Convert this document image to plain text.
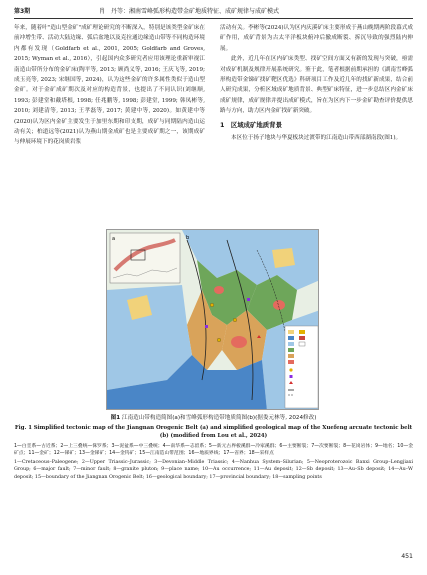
第3期	肖　丹等：湘南雪峰弧形构造带金矿地质特征、成矿规律与成矿模式

年来，随着叶"造山型金矿"成矿理论研究的不断深入，特别是该类型金矿床在前冲增生带、活动大陆边缘、弧后盆地以及克拉通边缘造山带等不同构造环境内都有发现（Goldfarb et al., 2001, 2005; Goldfarb and Groves, 2015; Wyman et al., 2016），引起国内众多研究者应用该理论重新审视江南造山带所分布的金矿床(陶平等, 2013; 顾尚义等, 2016; 王庆飞等, 2019; 成玉亮等, 2023; 宋继国等, 2024)，认为这些金矿的许多属性类似于造山型金矿。对于金矿成矿期次及对应的构造背景，也提出了不同认识(刘继顺, 1993; 彭建堂和戴塔根, 1998; 任兆鹏等, 1998; 彭建堂, 1999; 韩凤彬等, 2010; 刘建清等, 2013; 王孝磊等, 2017; 黄建中等, 2020)。如黄建中等(2020)认为区内金矿主要发生于加里东期和印支期，成矿与同期陆内造山运动有关；柏道远等(2021)认为燕山期金成矿也是主要成矿期之一，该期成矿与伸展环境下的花岗质岩浆

活动有关。李彬等(2024)认为区内庆溪矿床主要形成于燕山晚期两阶段幕式成矿作用，成矿背景为古太平洋板块俯冲后撤成断裂、拆沉导致的强烈陆内伸展。

此外，近几年在区内矿床类型、找矿空间方面又有新的发现与突破，亟需对成矿机制及规律开展系统研究。鉴于此，笔者根据前期承担的《湖南雪峰弧形构造带金锑矿找矿靶区优选》科研项目工作及近几年的找矿新成果，结合前人研究成果，分析区域成矿地质背景、典型矿床特征，进一步总结区内金矿床成矿规律，成矿规律并提出成矿模式，旨在为区内下一步金矿勘查评价提供思路与方向，助力区内金矿找矿新突破。

1　区域成矿地质背景

本区位于扬子地块与华夏板块过渡带的江南造山带西部湖南段(图1)。

a	b
图1 江南造山带构造简图(a)和雪峰弧形构造带地质简图(b)(据娄元林等, 2024修改)
Fig. 1 Simplified tectonic map of the Jiangnan Orogenic Belt (a) and simplified geological map of the Xuefeng arcuate tectonic belt (b) (modified from Lou et al., 2024)
1—白垩系—古近系；2—上三叠统—侏罗系；3—泥盆系—中三叠统；4—南华系—志留系；5—新元古界板溪群—冷家溪群；6—主要断裂；7—次要断裂；8—花岗岩体；9—地名；10—金矿点；11—金矿；12—锑矿；13—金锑矿；14—金钨矿；15—江南造山带范围；16—地质界线；17—省界；18—采样点
1—Cretaceous–Paleogene; 2—Upper Triassic–Jurassic; 3—Devonian–Middle Triassic; 4—Nanhua System–Silurian; 5—Neoproterozoic Banxi Group–Lengjiaxi Group; 6—major fault; 7—minor fault; 8—granite pluton; 9—place name; 10—Au occurrence; 11—Au deposit; 12—Sb deposit; 13—Au–Sb deposit; 14—Au–W deposit; 15—boundary of the Jiangnan Orogenic Belt; 16—geological boundary; 17—provincial boundary; 18—sampling points
451
